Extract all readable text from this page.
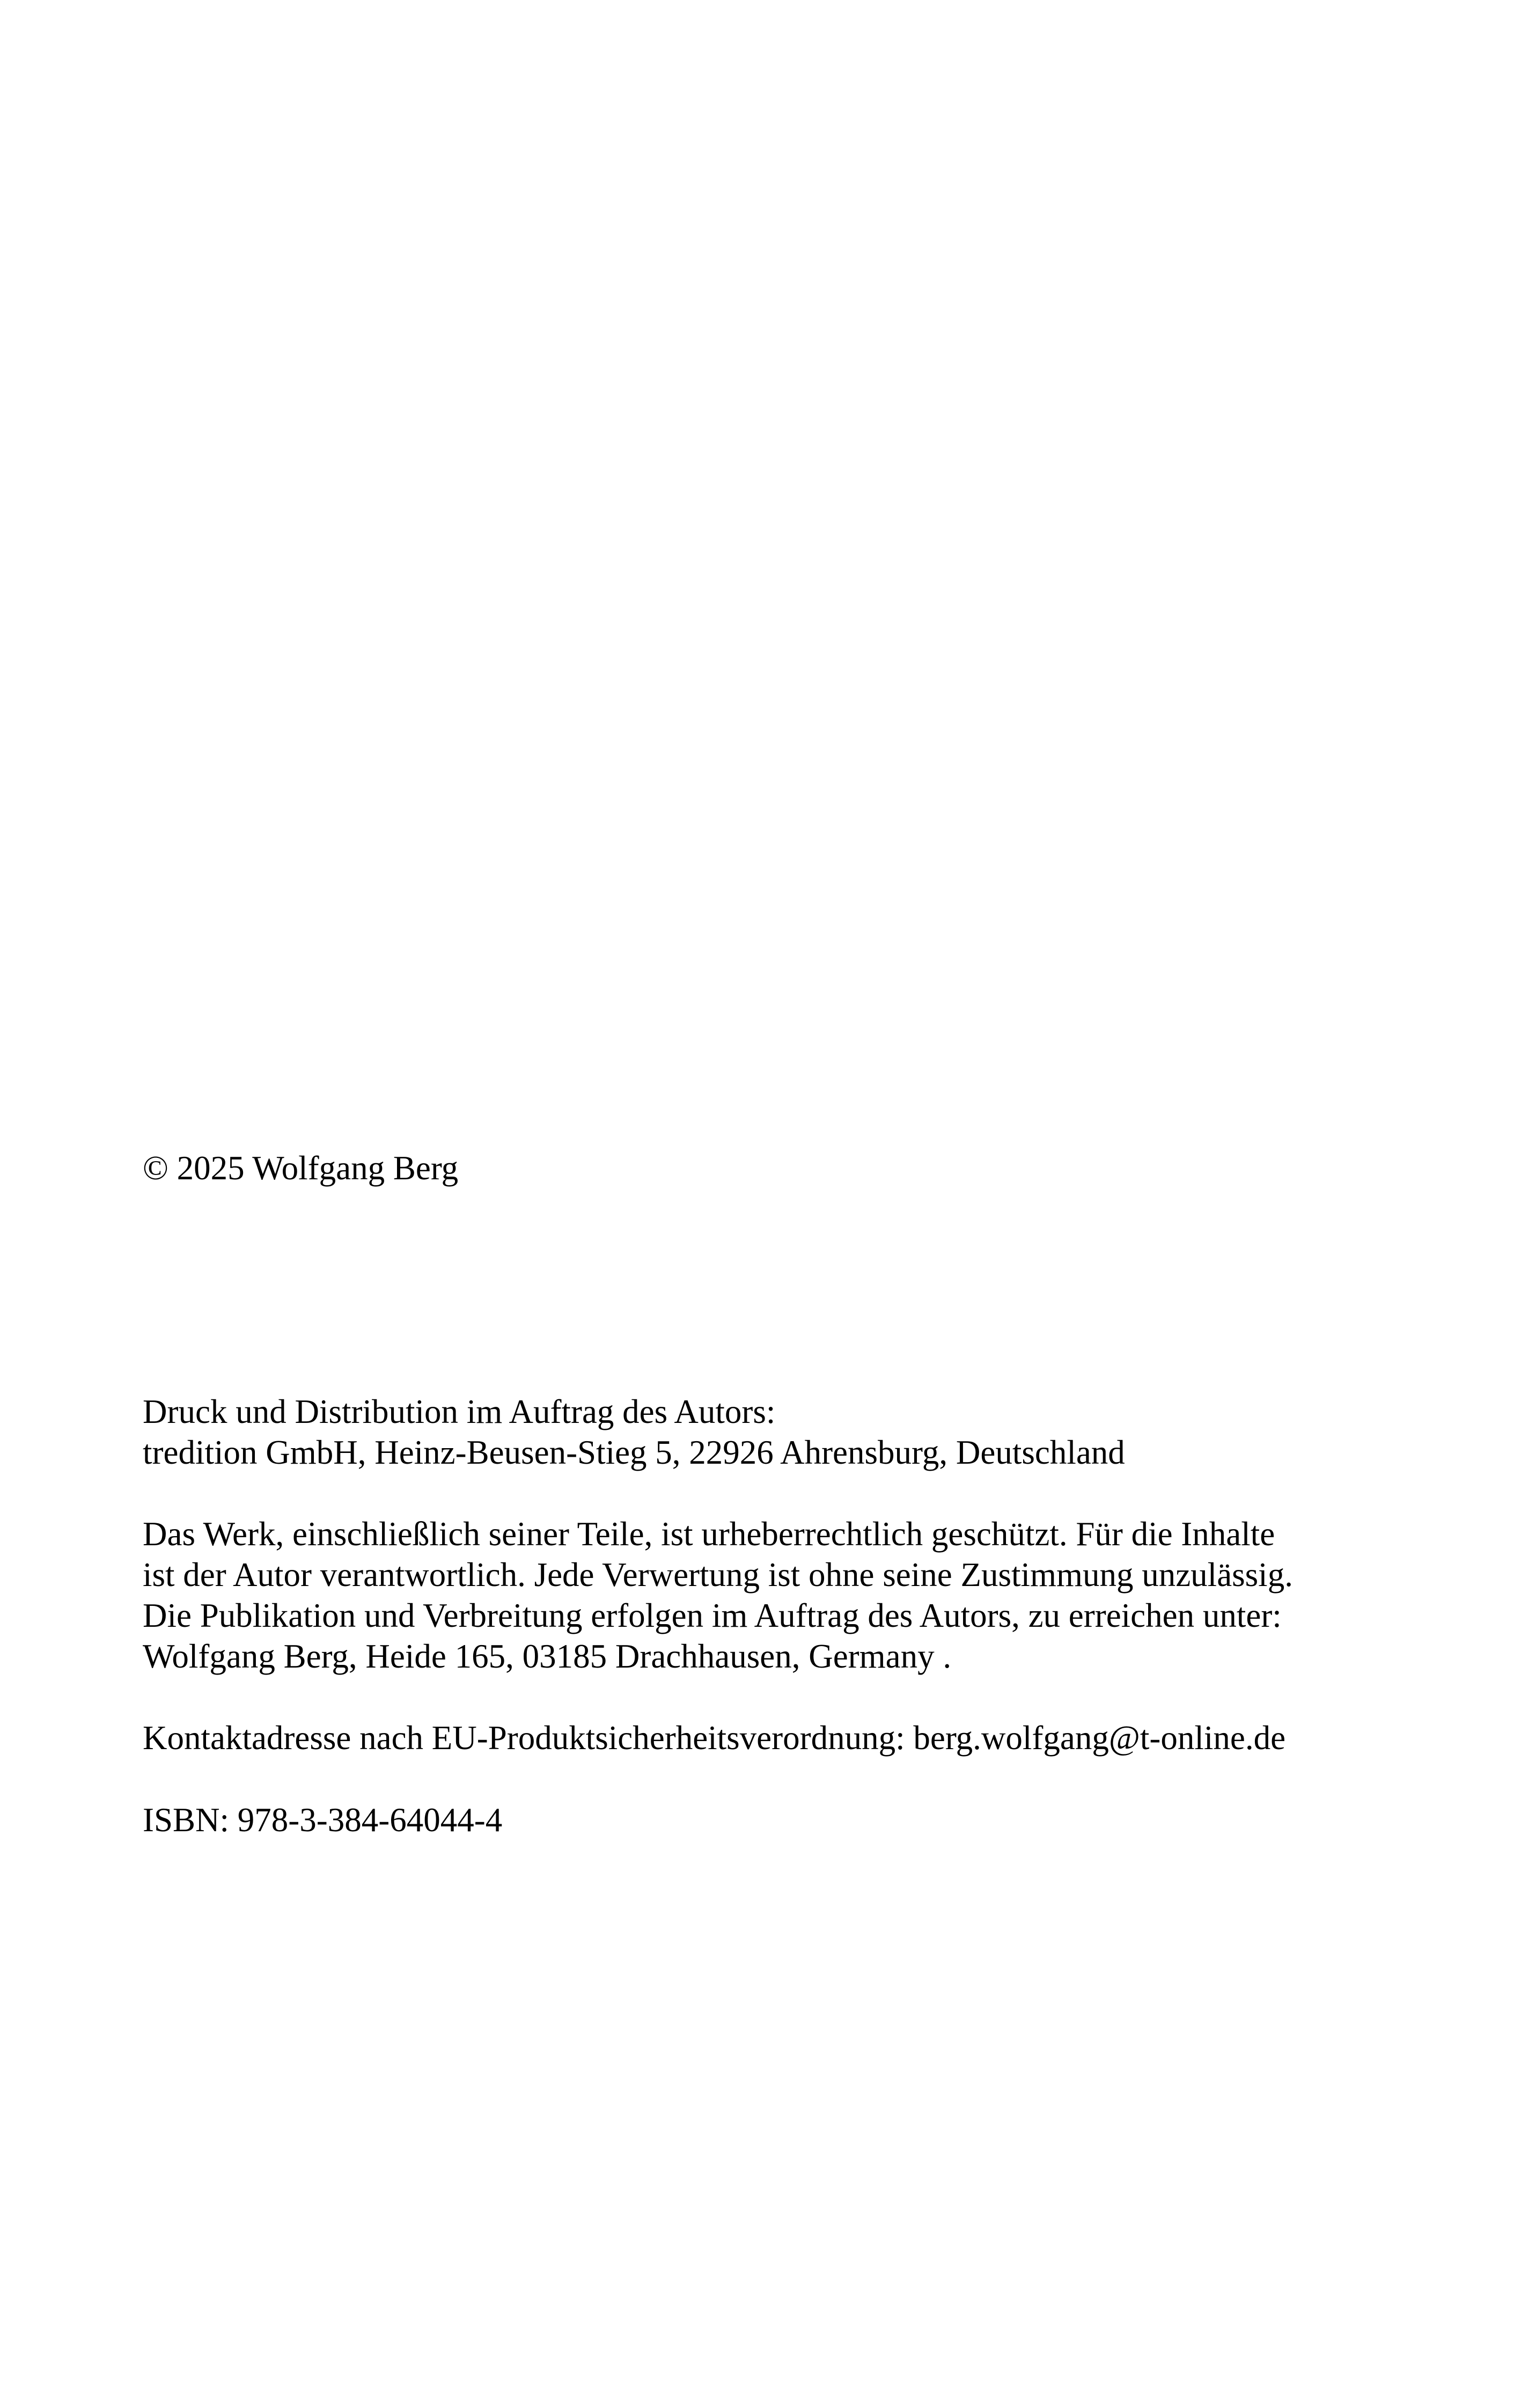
© 2025 Wolfgang Berg

Druck und Distribution im Auftrag des Autors:

tredition GmbH, Heinz-Beusen-Stieg 5, 22926 Ahrensburg, Deutschland

Das Werk, einschließlich seiner Teile, ist urheberrechtlich geschützt. Für die Inhalte

ist der Autor verantwortlich. Jede Verwertung ist ohne seine Zustimmung unzulässig.

Die Publikation und Verbreitung erfolgen im Auftrag des Autors, zu erreichen unter:

Wolfgang Berg, Heide 165, 03185 Drachhausen, Germany .

Kontaktadresse nach EU-Produktsicherheitsverordnung: berg.wolfgang@t-online.de

ISBN: 978-3-384-64044-4
